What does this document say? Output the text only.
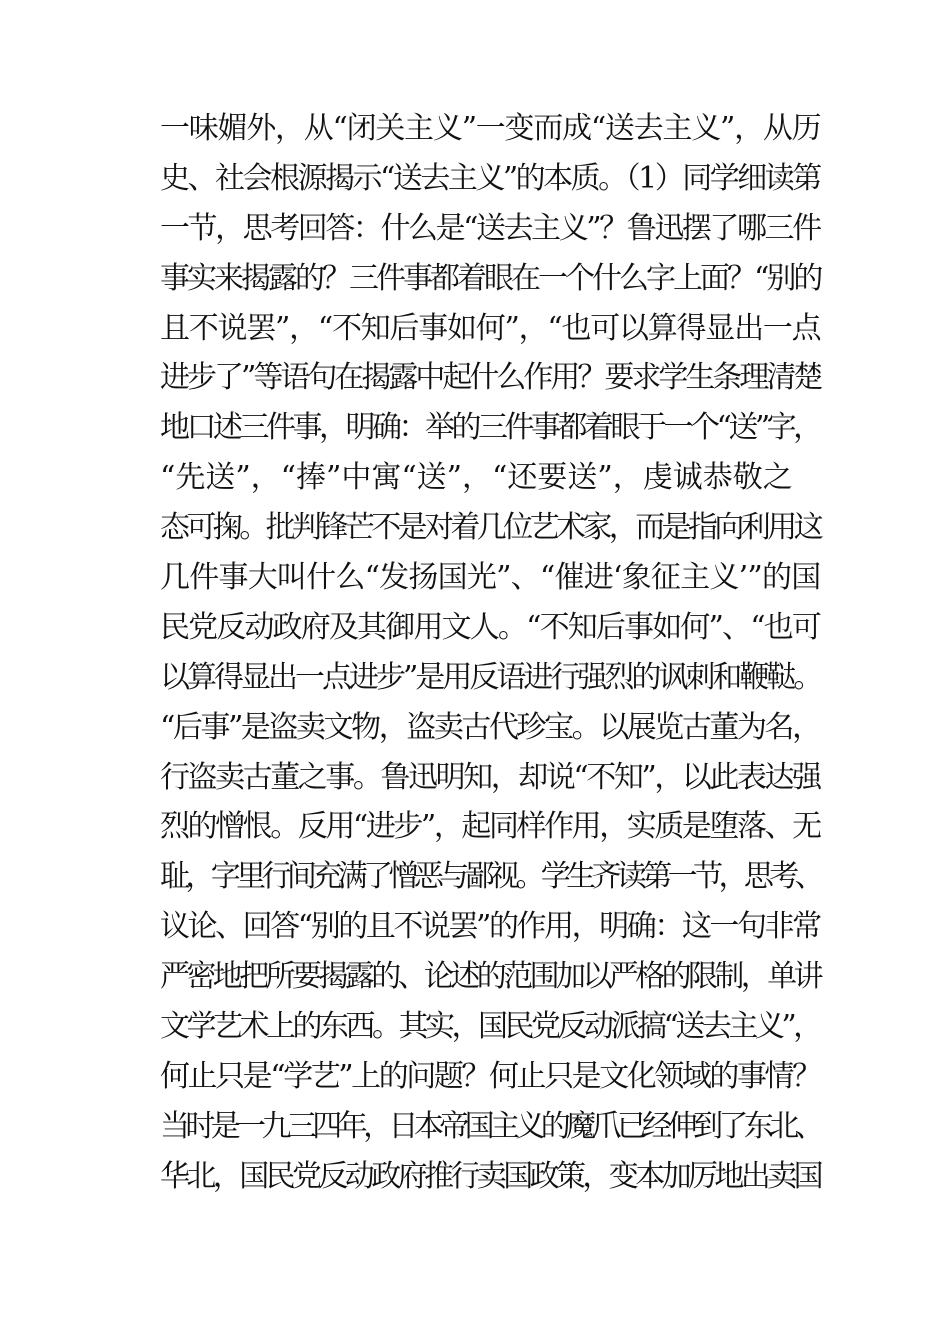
一味媚外，从“闭关主义”一变而成“送去主义”，从历
史、社会根源揭示“送去主义”的本质。（1）同学细读第
一节，思考回答：什么是“送去主义”？鲁迅摆了哪三件
事实来揭露的？三件事都着眼在一个什么字上面？“别的
且不说罢”，“不知后事如何”，“也可以算得显出一点
进步了”等语句在揭露中起什么作用？要求学生条理清楚
地口述三件事，明确：举的三件事都着眼于一个“送”字，
“先送”，“捧”中寓“送”，“还要送”，虔诚恭敬之
态可掬。批判锋芒不是对着几位艺术家，而是指向利用这
几件事大叫什么“发扬国光”、“催进‘象征主义’”的国
民党反动政府及其御用文人。“不知后事如何”、“也可
以算得显出一点进步”是用反语进行强烈的讽刺和鞭鞑。
“后事”是盗卖文物，盗卖古代珍宝。以展览古董为名，
行盗卖古董之事。鲁迅明知，却说“不知”，以此表达强
烈的憎恨。反用“进步”，起同样作用，实质是堕落、无
耻，字里行间充满了憎恶与鄙视。学生齐读第一节，思考、
议论、回答“别的且不说罢”的作用，明确：这一句非常
严密地把所要揭露的、论述的范围加以严格的限制，单讲
文学艺术上的东西。其实，国民党反动派搞“送去主义”，
何止只是“学艺”上的问题？何止只是文化领域的事情？
当时是一九三四年，日本帝国主义的魔爪已经伸到了东北、
华北，国民党反动政府推行卖国政策，变本加厉地出卖国
